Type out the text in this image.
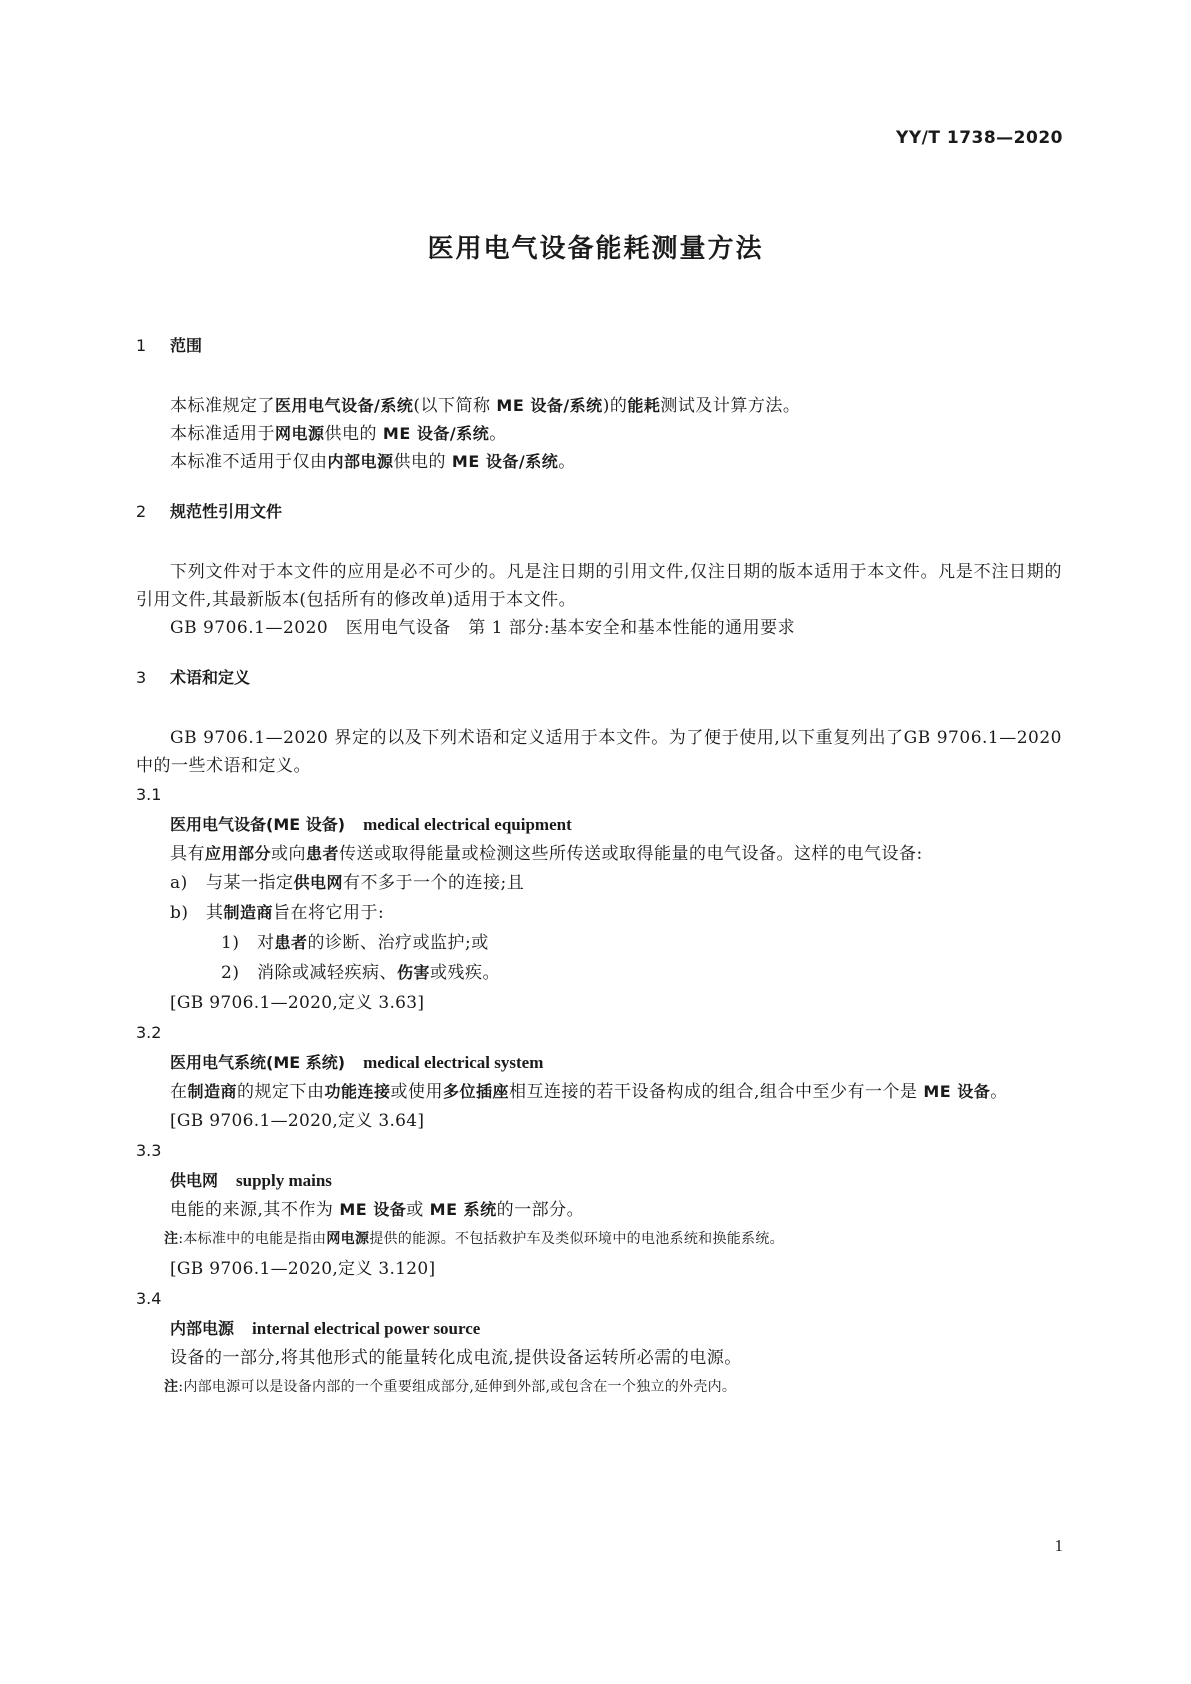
YY/T 1738—2020
医用电气设备能耗测量方法

1 范围

本标准规定了医用电气设备/系统(以下简称 ME 设备/系统)的能耗测试及计算方法。

本标准适用于网电源供电的 ME 设备/系统。

本标准不适用于仅由内部电源供电的 ME 设备/系统。

2 规范性引用文件

下列文件对于本文件的应用是必不可少的。凡是注日期的引用文件,仅注日期的版本适用于本文件。凡是不注日期的引用文件,其最新版本(包括所有的修改单)适用于本文件。

GB 9706.1—2020　医用电气设备　第 1 部分:基本安全和基本性能的通用要求

3 术语和定义

GB 9706.1—2020 界定的以及下列术语和定义适用于本文件。为了便于使用,以下重复列出了GB 9706.1—2020 中的一些术语和定义。

3.1

医用电气设备(ME 设备) medical electrical equipment

具有应用部分或向患者传送或取得能量或检测这些所传送或取得能量的电气设备。这样的电气设备:

a) 与某一指定供电网有不多于一个的连接;且

b) 其制造商旨在将它用于:

1) 对患者的诊断、治疗或监护;或

2) 消除或减轻疾病、伤害或残疾。

[GB 9706.1—2020,定义 3.63]

3.2

医用电气系统(ME 系统) medical electrical system

在制造商的规定下由功能连接或使用多位插座相互连接的若干设备构成的组合,组合中至少有一个是 ME 设备。

[GB 9706.1—2020,定义 3.64]

3.3

供电网 supply mains

电能的来源,其不作为 ME 设备或 ME 系统的一部分。

注:本标准中的电能是指由网电源提供的能源。不包括救护车及类似环境中的电池系统和换能系统。

[GB 9706.1—2020,定义 3.120]

3.4

内部电源 internal electrical power source

设备的一部分,将其他形式的能量转化成电流,提供设备运转所必需的电源。

注:内部电源可以是设备内部的一个重要组成部分,延伸到外部,或包含在一个独立的外壳内。

1
